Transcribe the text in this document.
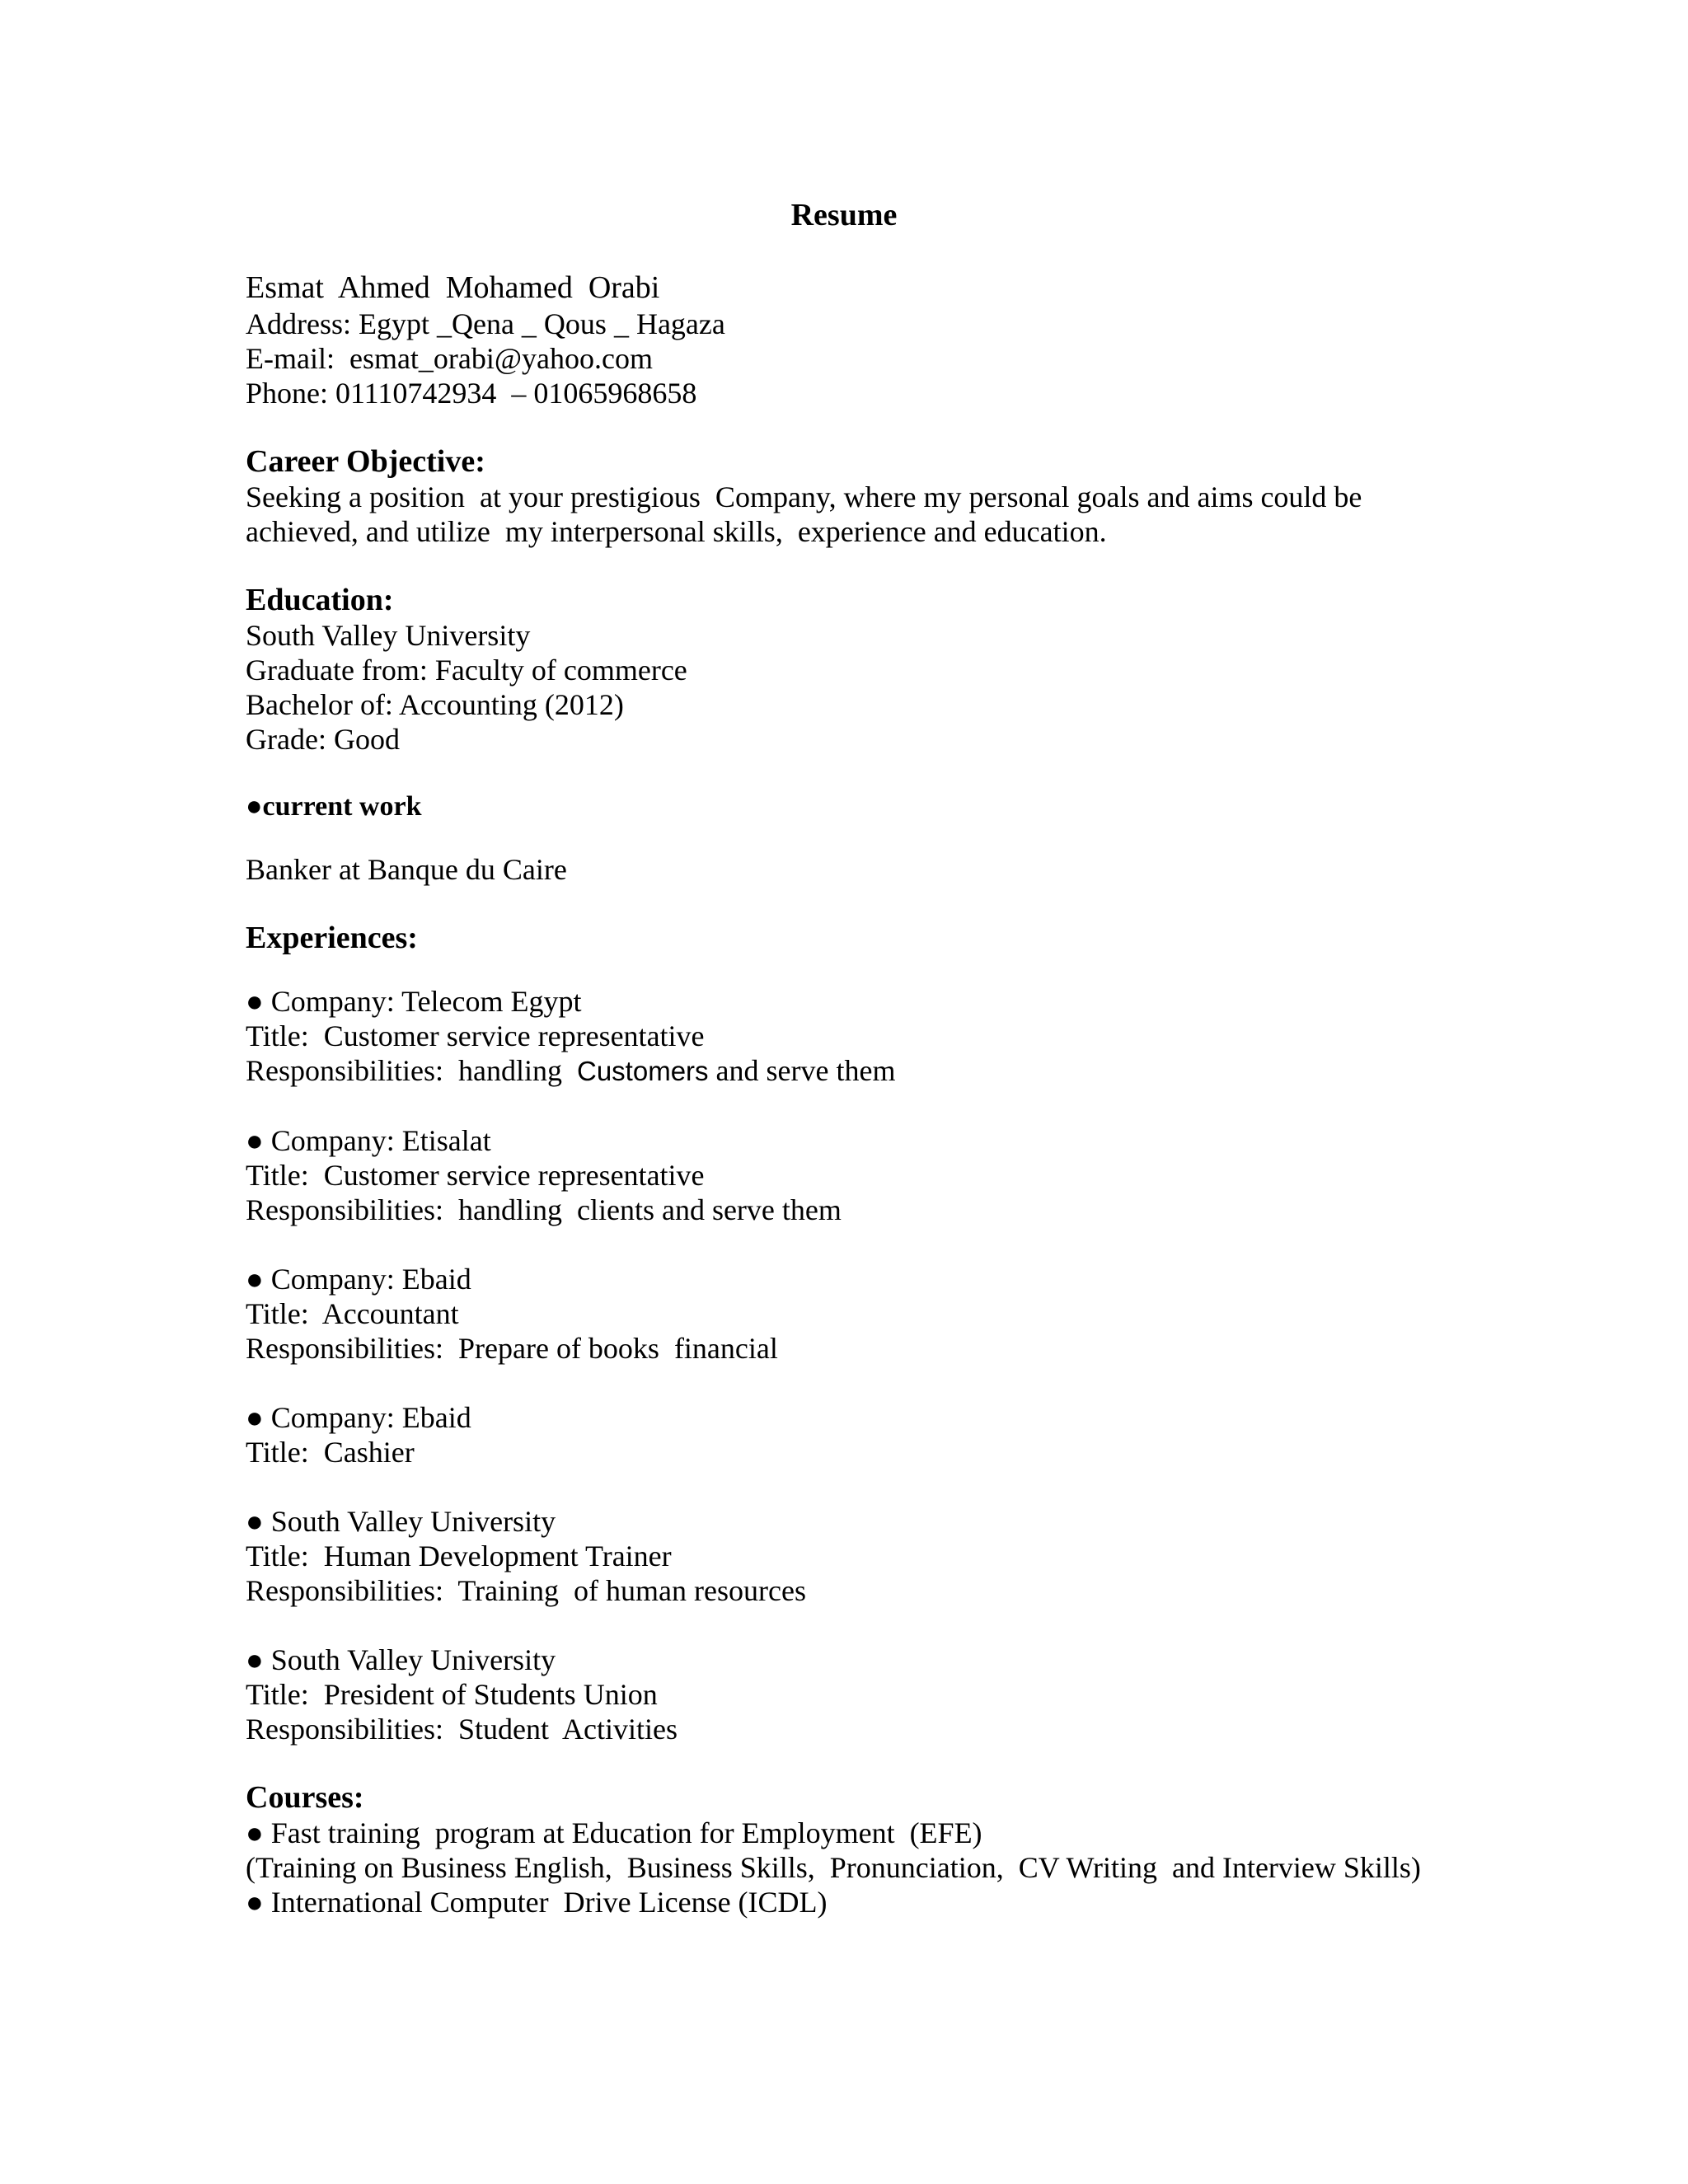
Resume
Esmat  Ahmed  Mohamed  Orabi
Address: Egypt _Qena _ Qous _ Hagaza
E-mail:  esmat_orabi@yahoo.com
Phone: 01110742934  – 01065968658
Career Objective:
Seeking a position  at your prestigious  Company, where my personal goals and aims could be
achieved, and utilize  my interpersonal skills,  experience and education.
Education:
South Valley University
Graduate from: Faculty of commerce
Bachelor of: Accounting (2012)
Grade: Good
●current work
Banker at Banque du Caire
Experiences:
● Company: Telecom Egypt
Title:  Customer service representative
Responsibilities:  handling  Customers and serve them
● Company: Etisalat
Title:  Customer service representative
Responsibilities:  handling  clients and serve them
● Company: Ebaid
Title:  Accountant
Responsibilities:  Prepare of books  financial
● Company: Ebaid
Title:  Cashier
● South Valley University
Title:  Human Development Trainer
Responsibilities:  Training  of human resources
● South Valley University
Title:  President of Students Union
Responsibilities:  Student  Activities
Courses:
● Fast training  program at Education for Employment  (EFE)
(Training on Business English,  Business Skills,  Pronunciation,  CV Writing  and Interview Skills)
● International Computer  Drive License (ICDL)
